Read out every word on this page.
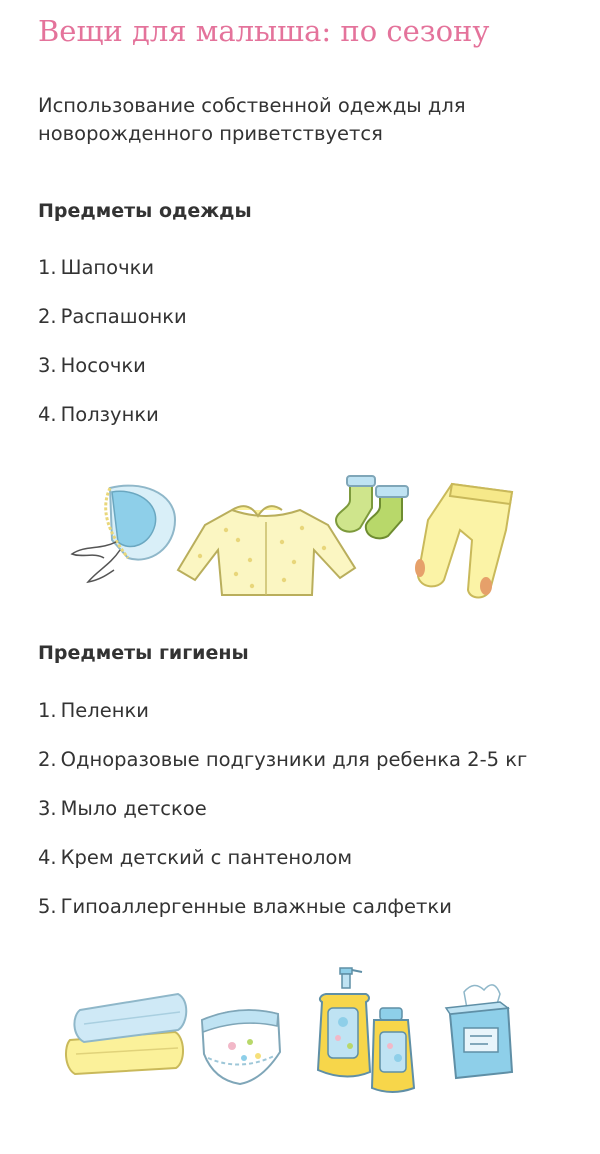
Вещи для малыша: по сезону

Использование собственной одежды для новорожденного приветствуется

Предметы одежды
1. Шапочки
2. Распашонки
3. Носочки
4. Ползунки
Предметы гигиены
1. Пеленки
2. Одноразовые подгузники для ребенка 2-5 кг
3. Мыло детское
4. Крем детский с пантенолом
5. Гипоаллергенные влажные салфетки
